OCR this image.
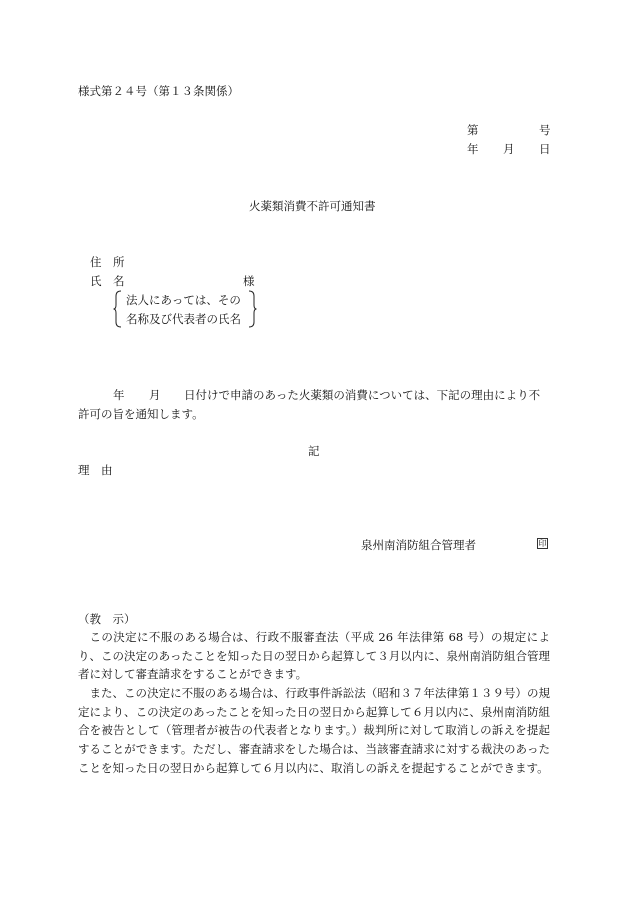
様式第２４号（第１３条関係）
第	号
年 月 日
火薬類消費不許可通知書
住　所
氏　名	様
法人にあっては、その
名称及び代表者の氏名
年 月 日付けで申請のあった火薬類の消費については、下記の理由により不
許可の旨を通知します。
記
理　由
泉州南消防組合管理者	印
（教　示）
この決定に不服のある場合は、行政不服審査法（平成 26 年法律第 68 号）の規定により、この決定のあったことを知った日の翌日から起算して３月以内に、泉州南消防組合管理者に対して審査請求をすることができます。
また、この決定に不服のある場合は、行政事件訴訟法（昭和３７年法律第１３９号）の規定により、この決定のあったことを知った日の翌日から起算して６月以内に、泉州南消防組合を被告として（管理者が被告の代表者となります。）裁判所に対して取消しの訴えを提起することができます。ただし、審査請求をした場合は、当該審査請求に対する裁決のあったことを知った日の翌日から起算して６月以内に、取消しの訴えを提起することができます。
